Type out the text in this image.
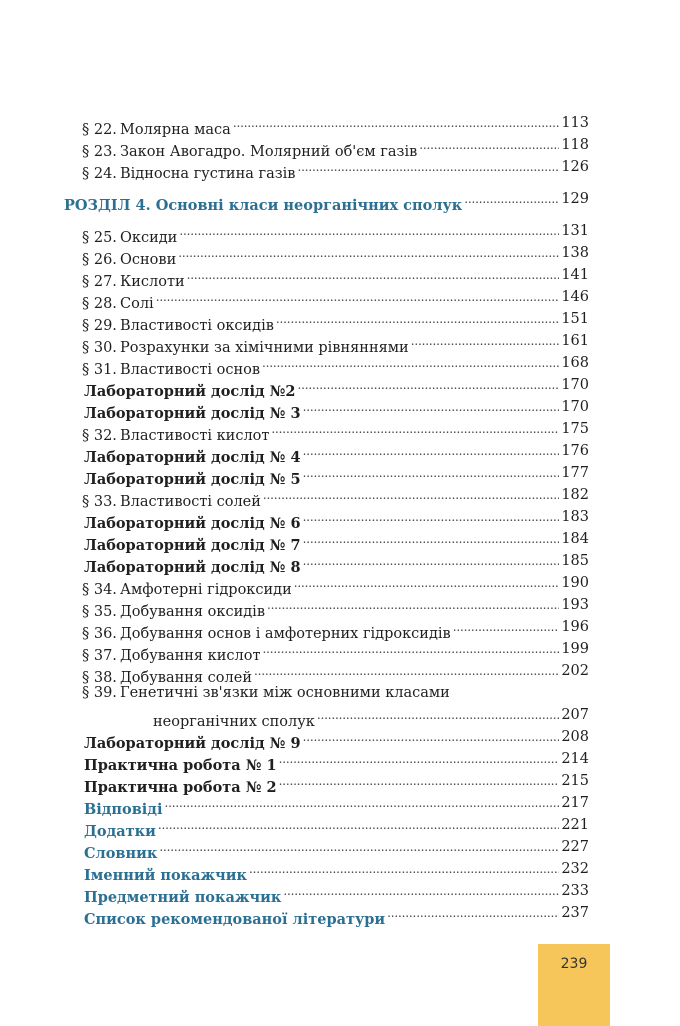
§ 22. Молярна маса . . .	113
§ 23. Закон Авогадро. Молярний об'єм газів . . .	118
§ 24. Відносна густина газів . . .	126
РОЗДІЛ 4. Основні класи неорганічних сполук . . .	129
§ 25. Оксиди . . .	131
§ 26. Основи . . .	138
§ 27. Кислоти . . .	141
§ 28. Солі . . .	146
§ 29. Властивості оксидів . . .	151
§ 30. Розрахунки за хімічними рівняннями . . .	161
§ 31. Властивості основ . . .	168
Лабораторний дослід №2 . . .	170
Лабораторний дослід № 3 . . .	170
§ 32. Властивості кислот . . .	175
Лабораторний дослід № 4 . . .	176
Лабораторний дослід № 5 . . .	177
§ 33. Властивості солей . . .	182
Лабораторний дослід № 6 . . .	183
Лабораторний дослід № 7 . . .	184
Лабораторний дослід № 8 . . .	185
§ 34. Амфотерні гідроксиди . . .	190
§ 35. Добування оксидів . . .	193
§ 36. Добування основ і амфотерних гідроксидів . . .	196
§ 37. Добування кислот . . .	199
§ 38. Добування солей . . .	202
§ 39. Генетичні зв'язки між основними класами
неорганічних сполук . . .	207
Лабораторний дослід № 9 . . .	208
Практична робота № 1 . . .	214
Практична робота № 2 . . .	215
Відповіді . . .	217
Додатки . . .	221
Словник . . .	227
Іменний покажчик . . .	232
Предметний покажчик . . .	233
Список рекомендованої літератури . . .	237
239
